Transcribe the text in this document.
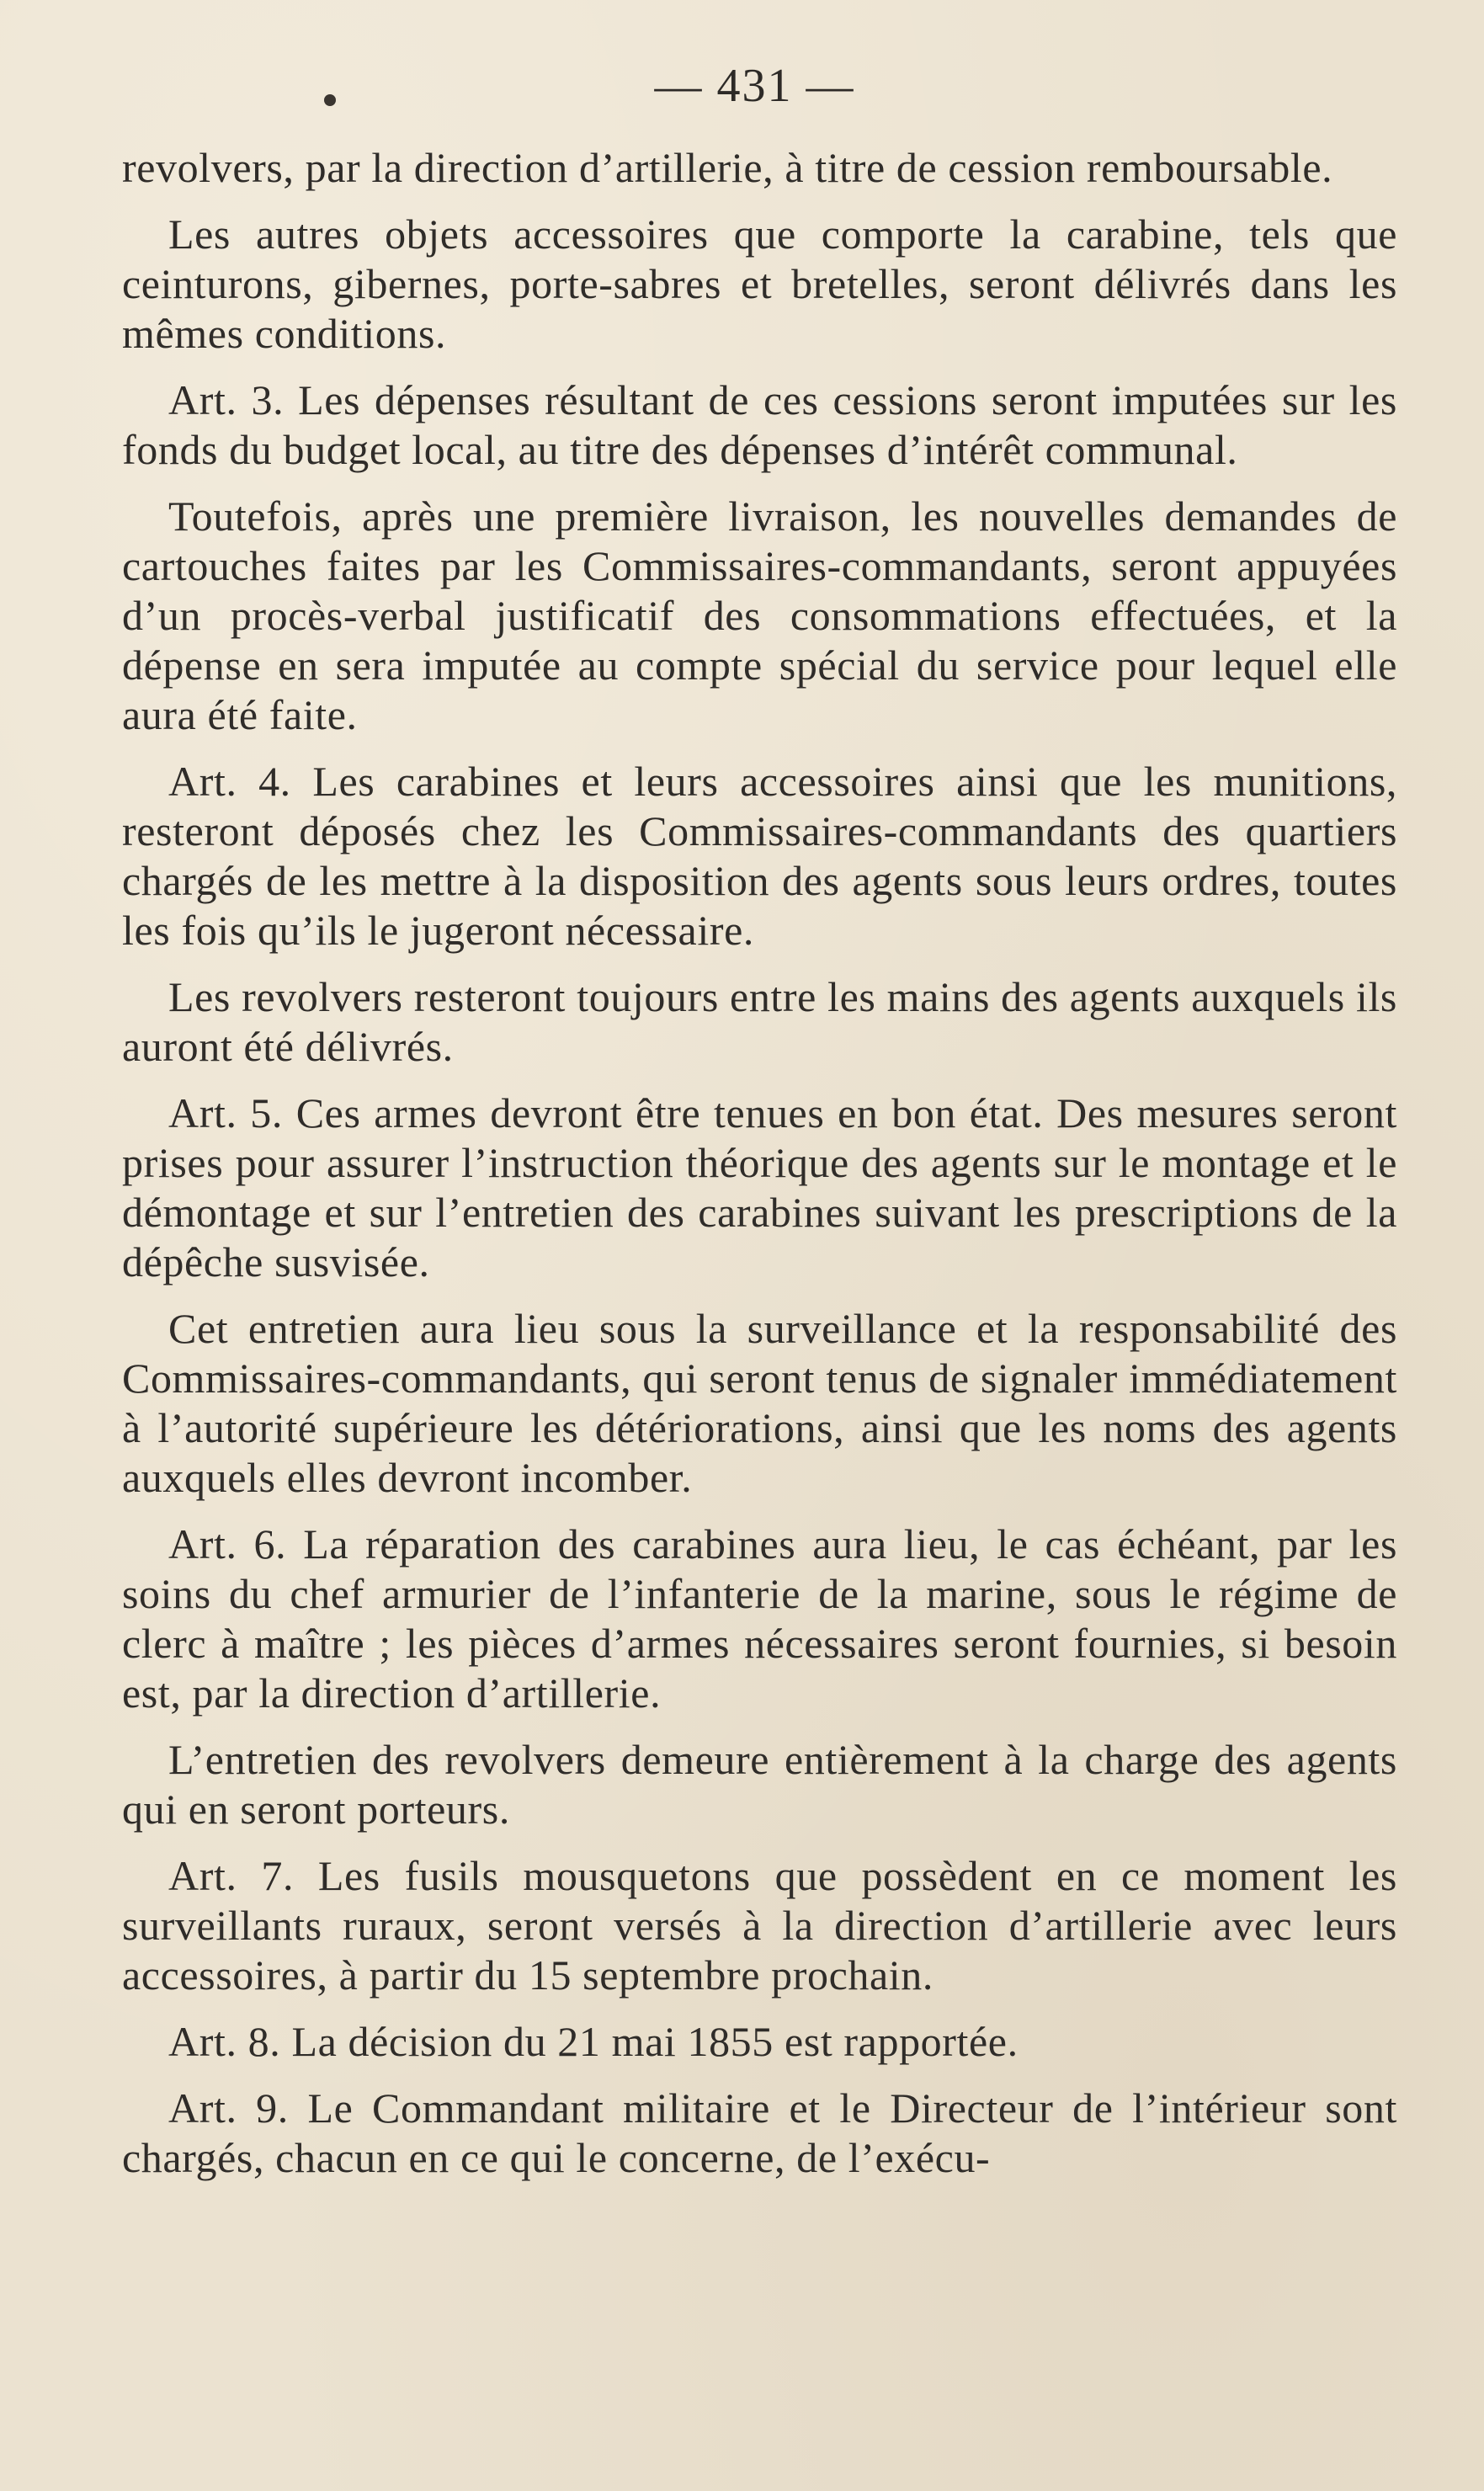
— 431 —

revolvers, par la direction d’artillerie, à titre de cession remboursable.

Les autres objets accessoires que comporte la carabine, tels que ceinturons, gibernes, porte-sabres et bretelles, seront délivrés dans les mêmes conditions.

Art. 3. Les dépenses résultant de ces cessions seront imputées sur les fonds du budget local, au titre des dépenses d’intérêt communal.

Toutefois, après une première livraison, les nouvelles demandes de cartouches faites par les Commissaires-commandants, seront appuyées d’un procès-verbal justificatif des consommations effectuées, et la dépense en sera imputée au compte spécial du service pour lequel elle aura été faite.

Art. 4. Les carabines et leurs accessoires ainsi que les munitions, resteront déposés chez les Commissaires-commandants des quartiers chargés de les mettre à la disposition des agents sous leurs ordres, toutes les fois qu’ils le jugeront nécessaire.

Les revolvers resteront toujours entre les mains des agents auxquels ils auront été délivrés.

Art. 5. Ces armes devront être tenues en bon état. Des mesures seront prises pour assurer l’instruction théorique des agents sur le montage et le démontage et sur l’entretien des carabines suivant les prescriptions de la dépêche susvisée.

Cet entretien aura lieu sous la surveillance et la responsabilité des Commissaires-commandants, qui seront tenus de signaler immédiatement à l’autorité supérieure les détériorations, ainsi que les noms des agents auxquels elles devront incomber.

Art. 6. La réparation des carabines aura lieu, le cas échéant, par les soins du chef armurier de l’infanterie de la marine, sous le régime de clerc à maître ; les pièces d’armes nécessaires seront fournies, si besoin est, par la direction d’artillerie.

L’entretien des revolvers demeure entièrement à la charge des agents qui en seront porteurs.

Art. 7. Les fusils mousquetons que possèdent en ce moment les surveillants ruraux, seront versés à la direction d’artillerie avec leurs accessoires, à partir du 15 septembre prochain.

Art. 8. La décision du 21 mai 1855 est rapportée.

Art. 9. Le Commandant militaire et le Directeur de l’intérieur sont chargés, chacun en ce qui le concerne, de l’exécu-
